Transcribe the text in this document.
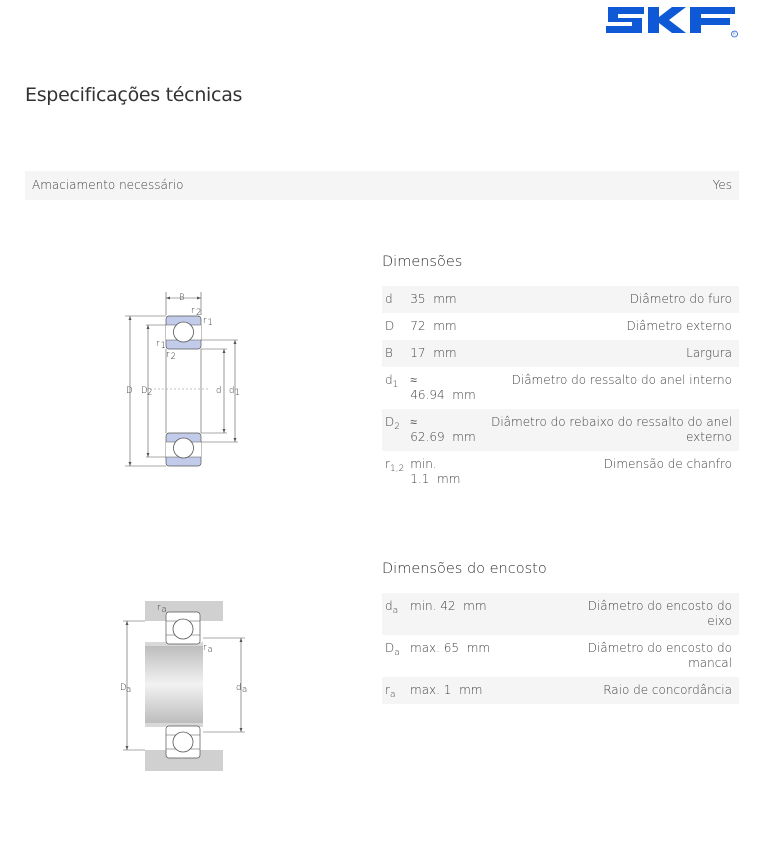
R
Especificações técnicas
Amaciamento necessário	Yes
B
r 2
r 1
r 1
r 2
D D 2	d d 1
Dimensões
d	35 mm	Diâmetro do furo
D	72 mm	Diâmetro externo
B	17 mm	Largura
$d_1$	≈ 46.94 mm	Diâmetro do ressalto do anel interno
$D_2$	≈ 62.69 mm	Diâmetro do rebaixo do ressalto do anel externo
$r_{1,2}$	min. 1.1 mm	Dimensão de chanfro
r a
r a
D a	d a
Dimensões do encosto
$d_a$	min. 42 mm	Diâmetro do encosto do eixo
$D_a$	max. 65 mm	Diâmetro do encosto do mancal
$r_a$	max. 1 mm	Raio de concordância
